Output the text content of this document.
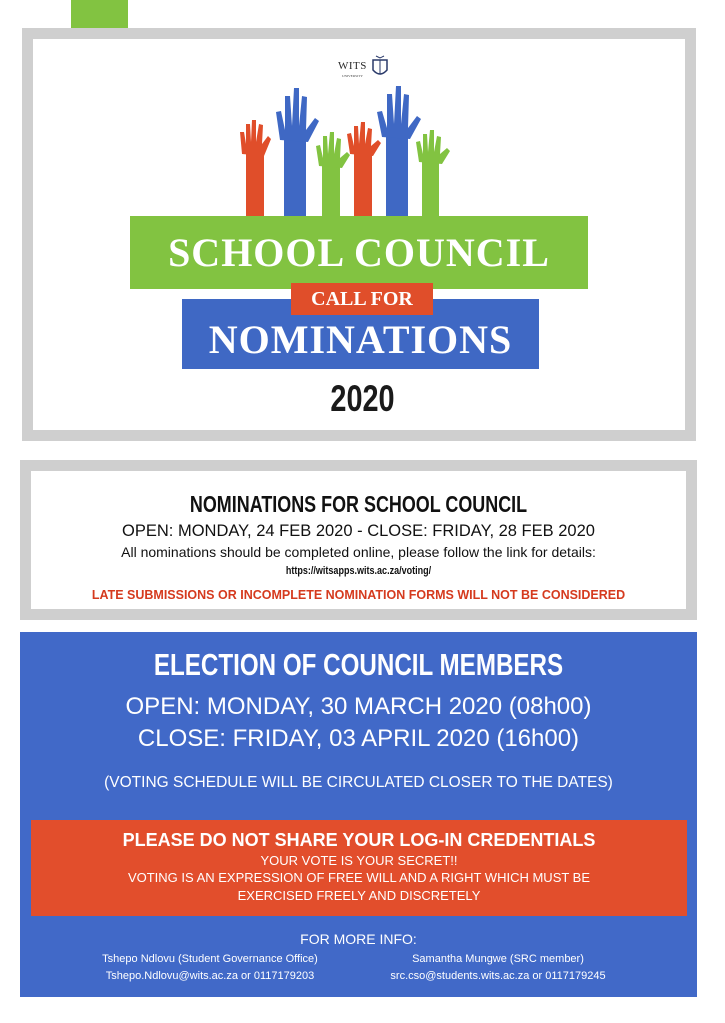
WITS
UNIVERSITY
SCHOOL COUNCIL
NOMINATIONS
CALL FOR
2020
NOMINATIONS FOR SCHOOL COUNCIL
OPEN: MONDAY, 24 FEB 2020 - CLOSE: FRIDAY, 28 FEB 2020
All nominations should be completed online, please follow the link for details:
https://witsapps.wits.ac.za/voting/
LATE SUBMISSIONS OR INCOMPLETE NOMINATION FORMS WILL NOT BE CONSIDERED
ELECTION OF COUNCIL MEMBERS
OPEN: MONDAY, 30 MARCH 2020 (08h00)
CLOSE: FRIDAY, 03 APRIL 2020 (16h00)
(VOTING SCHEDULE WILL BE CIRCULATED CLOSER TO THE DATES)
PLEASE DO NOT SHARE YOUR LOG-IN CREDENTIALS
YOUR VOTE IS YOUR SECRET!!
VOTING IS AN EXPRESSION OF FREE WILL AND A RIGHT WHICH MUST BE
EXERCISED FREELY AND DISCRETELY
FOR MORE INFO:
Tshepo Ndlovu (Student Governance Office)
Tshepo.Ndlovu@wits.ac.za or 0117179203
Samantha Mungwe (SRC member)
src.cso@students.wits.ac.za or 0117179245
